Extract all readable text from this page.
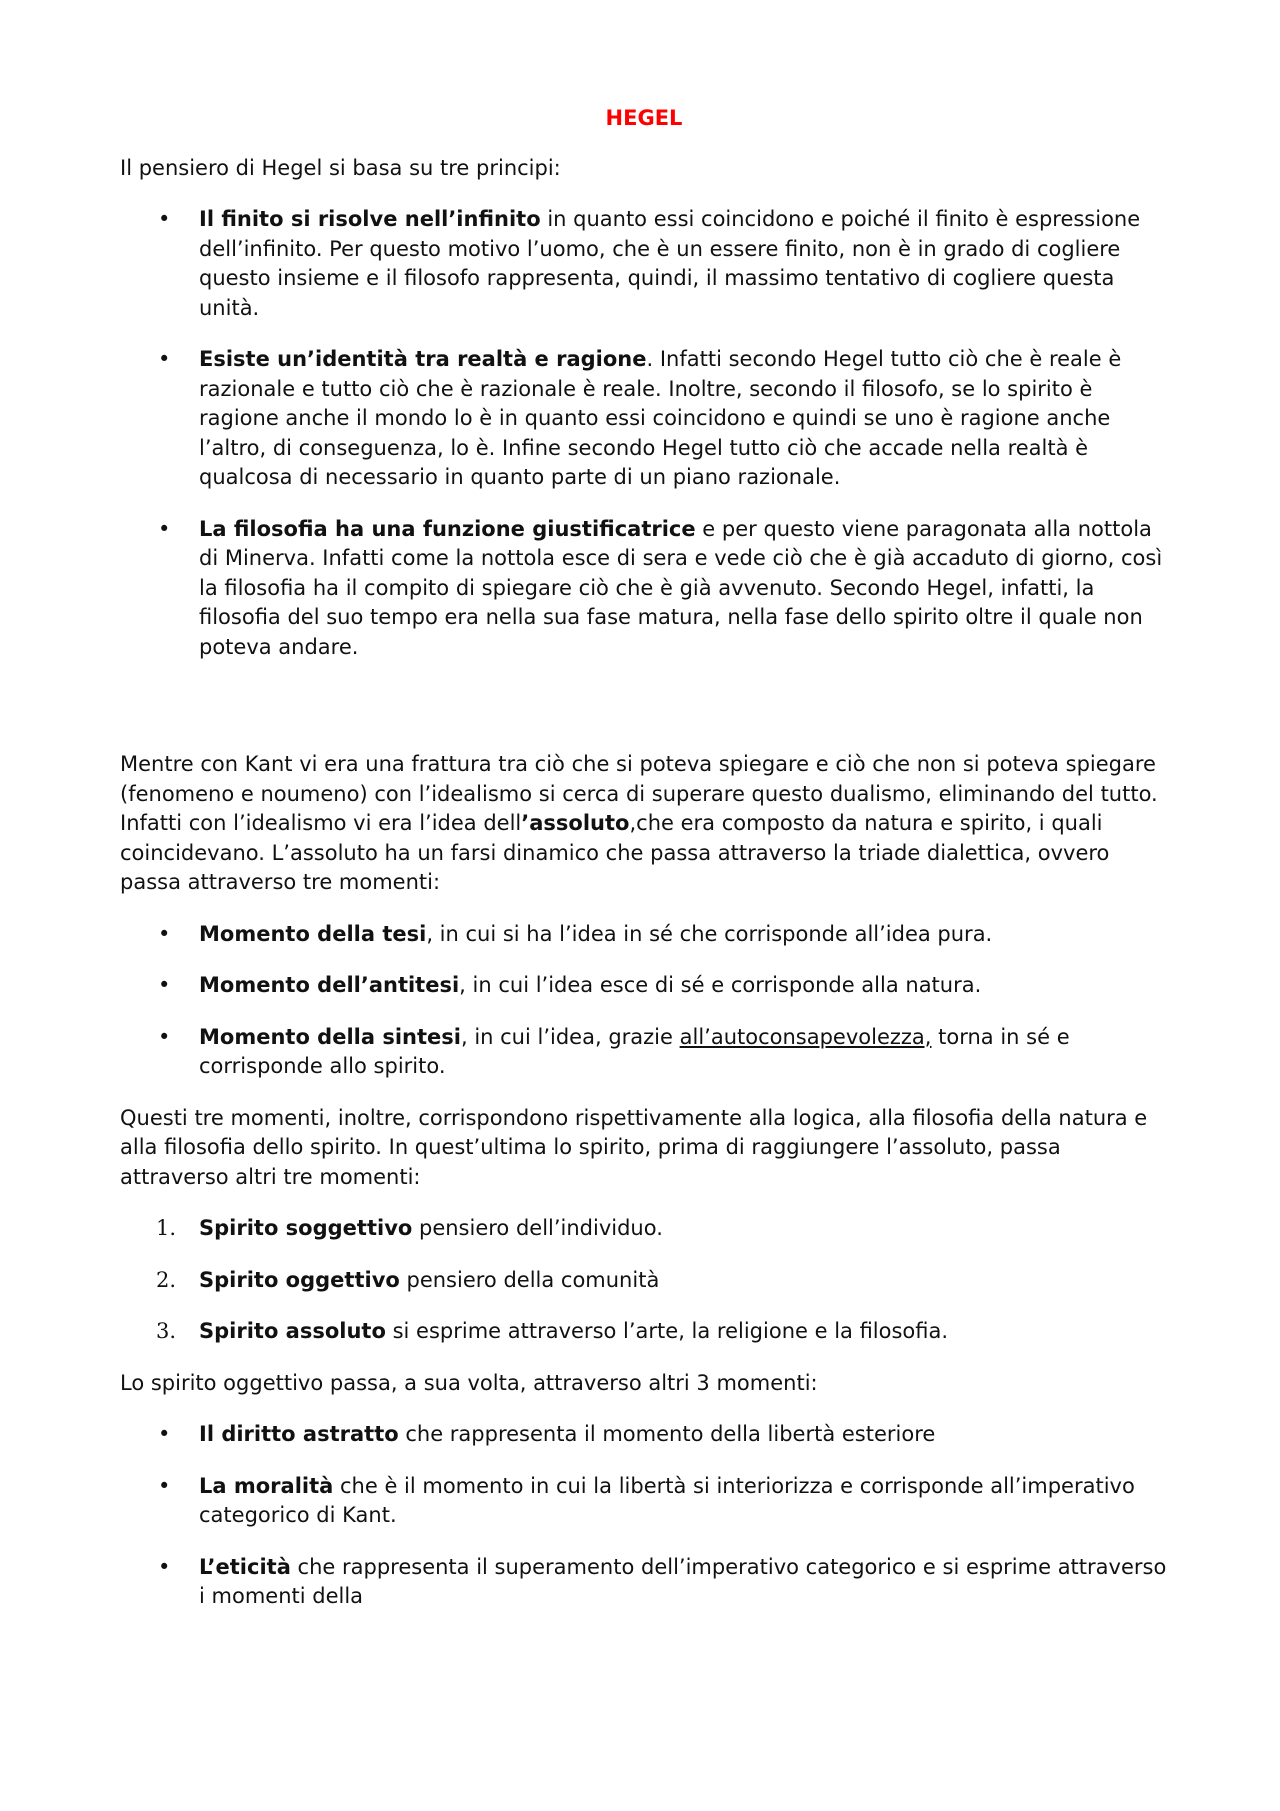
HEGEL

Il pensiero di Hegel si basa su tre principi:

• Il finito si risolve nell’infinito in quanto essi coincidono e poiché il finito è espressione dell’infinito. Per questo motivo l’uomo, che è un essere finito, non è in grado di cogliere questo insieme e il filosofo rappresenta, quindi, il massimo tentativo di cogliere questa unità.
• Esiste un’identità tra realtà e ragione. Infatti secondo Hegel tutto ciò che è reale è razionale e tutto ciò che è razionale è reale. Inoltre, secondo il filosofo, se lo spirito è ragione anche il mondo lo è in quanto essi coincidono e quindi se uno è ragione anche l’altro, di conseguenza, lo è. Infine secondo Hegel tutto ciò che accade nella realtà è qualcosa di necessario in quanto parte di un piano razionale.
• La filosofia ha una funzione giustificatrice e per questo viene paragonata alla nottola di Minerva. Infatti come la nottola esce di sera e vede ciò che è già accaduto di giorno, così la filosofia ha il compito di spiegare ciò che è già avvenuto. Secondo Hegel, infatti, la filosofia del suo tempo era nella sua fase matura, nella fase dello spirito oltre il quale non poteva andare.

Mentre con Kant vi era una frattura tra ciò che si poteva spiegare e ciò che non si poteva spiegare (fenomeno e noumeno) con l’idealismo si cerca di superare questo dualismo, eliminando del tutto. Infatti con l’idealismo vi era l’idea dell’assoluto,che era composto da natura e spirito, i quali coincidevano. L’assoluto ha un farsi dinamico che passa attraverso la triade dialettica, ovvero passa attraverso tre momenti:

• Momento della tesi, in cui si ha l’idea in sé che corrisponde all’idea pura.
• Momento dell’antitesi, in cui l’idea esce di sé e corrisponde alla natura.
• Momento della sintesi, in cui l’idea, grazie all’autoconsapevolezza, torna in sé e corrisponde allo spirito.

Questi tre momenti, inoltre, corrispondono rispettivamente alla logica, alla filosofia della natura e alla filosofia dello spirito. In quest’ultima lo spirito, prima di raggiungere l’assoluto, passa attraverso altri tre momenti:

1. Spirito soggettivo pensiero dell’individuo.
2. Spirito oggettivo pensiero della comunità
3. Spirito assoluto si esprime attraverso l’arte, la religione e la filosofia.

Lo spirito oggettivo passa, a sua volta, attraverso altri 3 momenti:

• Il diritto astratto che rappresenta il momento della libertà esteriore
• La moralità che è il momento in cui la libertà si interiorizza e corrisponde all’imperativo categorico di Kant.
• L’eticità che rappresenta il superamento dell’imperativo categorico e si esprime attraverso i momenti della
